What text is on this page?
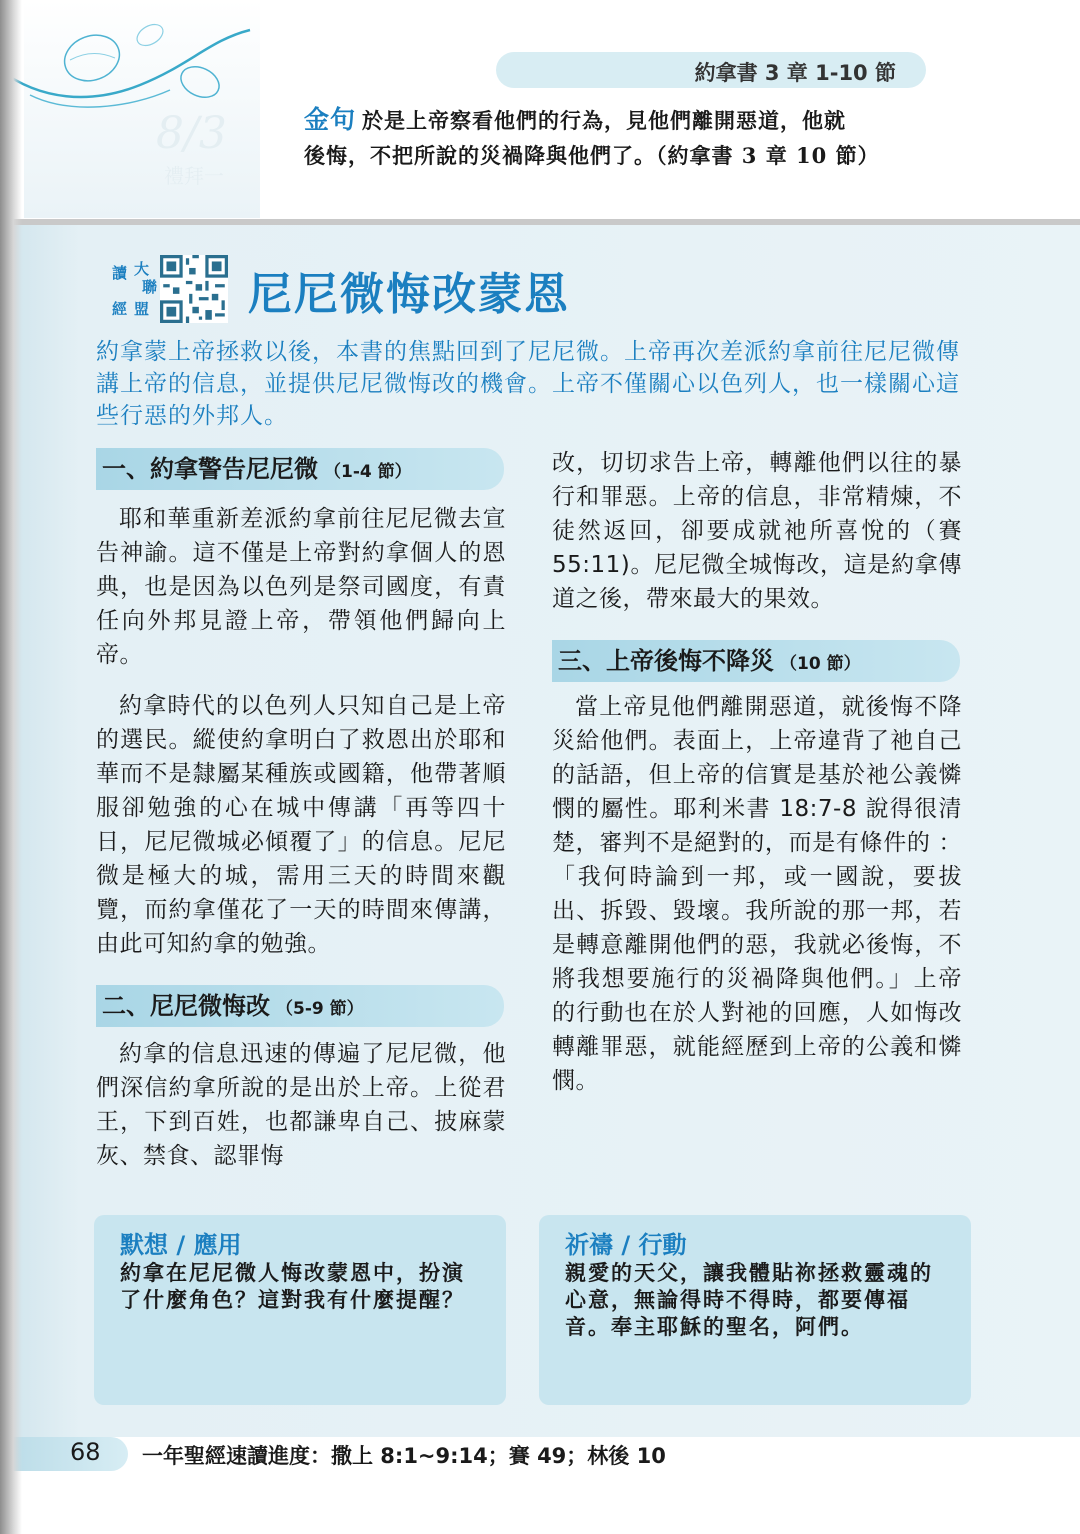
8/3
禮拜一
約拿書 3 章 1-10 節
金句 於是上帝察看他們的行為，見他們離開惡道，他就
後悔，不把所說的災禍降與他們了。（約拿書 3 章 10 節）
讀 大
聯
經 盟 尼尼微悔改蒙恩
約拿蒙上帝拯救以後，本書的焦點回到了尼尼微。上帝再次差派約拿前往尼尼微傳講上帝的信息，並提供尼尼微悔改的機會。上帝不僅關心以色列人，也一樣關心這些行惡的外邦人。
一、約拿警告尼尼微 （1-4 節）

耶和華重新差派約拿前往尼尼微去宣告神諭。這不僅是上帝對約拿個人的恩典，也是因為以色列是祭司國度，有責任向外邦見證上帝，帶領他們歸向上帝。

約拿時代的以色列人只知自己是上帝的選民。縱使約拿明白了救恩出於耶和華而不是隸屬某種族或國籍，他帶著順服卻勉強的心在城中傳講「再等四十日，尼尼微城必傾覆了」的信息。尼尼微是極大的城，需用三天的時間來觀覽，而約拿僅花了一天的時間來傳講，由此可知約拿的勉強。

二、尼尼微悔改 （5-9 節）

約拿的信息迅速的傳遍了尼尼微，他們深信約拿所說的是出於上帝。上從君王，下到百姓，也都謙卑自己、披麻蒙灰、禁食、認罪悔

改，切切求告上帝，轉離他們以往的暴行和罪惡。上帝的信息，非常精煉，不徒然返回，卻要成就祂所喜悅的（賽 55:11)。尼尼微全城悔改，這是約拿傳道之後，帶來最大的果效。

三、上帝後悔不降災 （10 節）

當上帝見他們離開惡道，就後悔不降災給他們。表面上，上帝違背了祂自己的話語，但上帝的信實是基於祂公義憐憫的屬性。耶利米書 18:7-8 說得很清楚，審判不是絕對的，而是有條件的 ：「我何時論到一邦，或一國說，要拔出、拆毀、毀壞。我所說的那一邦，若是轉意離開他們的惡，我就必後悔，不將我想要施行的災禍降與他們。」上帝的行動也在於人對祂的回應，人如悔改轉離罪惡，就能經歷到上帝的公義和憐憫。

默想 / 應用
約拿在尼尼微人悔改蒙恩中，扮演了什麼角色？這對我有什麼提醒？
祈禱 / 行動
親愛的天父，讓我體貼祢拯救靈魂的心意，無論得時不得時，都要傳福音。奉主耶穌的聖名，阿們。
68 一年聖經速讀進度：撒上 8:1~9:14；賽 49；林後 10
